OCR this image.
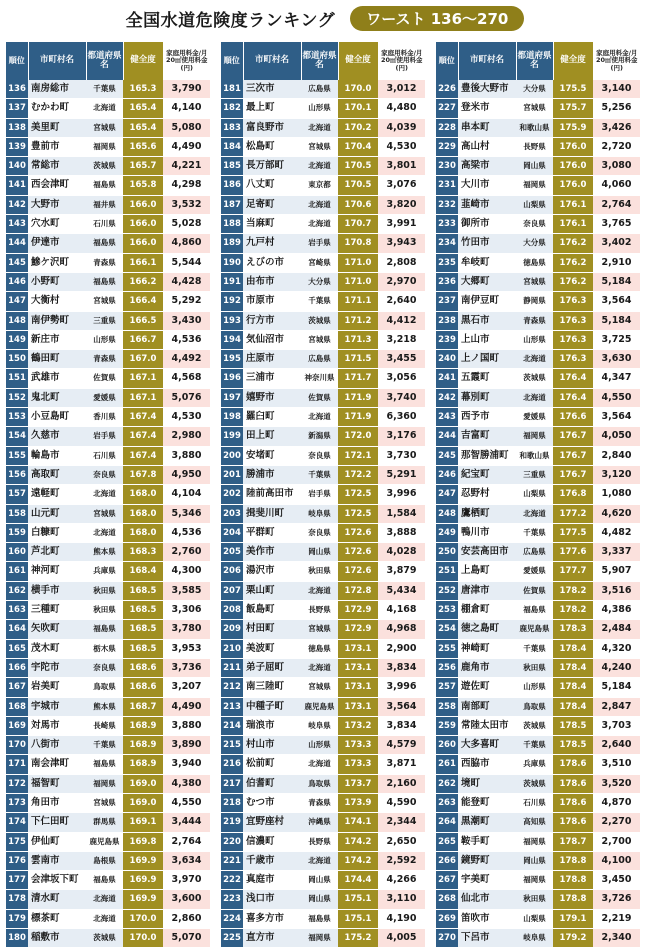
全国水道危険度ランキング ワースト 136～270
順位	市町村名	都道府県名	健全度	家庭用料金/月20㎥使用料金(円)
136	南房総市	千葉県	165.3	3,790
137	むかわ町	北海道	165.4	4,140
138	美里町	宮城県	165.4	5,080
139	豊前市	福岡県	165.6	4,490
140	常総市	茨城県	165.7	4,221
141	西会津町	福島県	165.8	4,298
142	大野市	福井県	166.0	3,532
143	穴水町	石川県	166.0	5,028
144	伊達市	福島県	166.0	4,860
145	鰺ケ沢町	青森県	166.1	5,544
146	小野町	福島県	166.2	4,428
147	大衡村	宮城県	166.4	5,292
148	南伊勢町	三重県	166.5	3,430
149	新庄市	山形県	166.7	4,536
150	鶴田町	青森県	167.0	4,492
151	武雄市	佐賀県	167.1	4,568
152	鬼北町	愛媛県	167.1	5,076
153	小豆島町	香川県	167.4	4,530
154	久慈市	岩手県	167.4	2,980
155	輪島市	石川県	167.4	3,880
156	高取町	奈良県	167.8	4,950
157	遠軽町	北海道	168.0	4,104
158	山元町	宮城県	168.0	5,346
159	白糠町	北海道	168.0	4,536
160	芦北町	熊本県	168.3	2,760
161	神河町	兵庫県	168.4	4,300
162	横手市	秋田県	168.5	3,585
163	三種町	秋田県	168.5	3,306
164	矢吹町	福島県	168.5	3,780
165	茂木町	栃木県	168.5	3,953
166	宇陀市	奈良県	168.6	3,736
167	岩美町	鳥取県	168.6	3,207
168	宇城市	熊本県	168.7	4,490
169	対馬市	長崎県	168.9	3,880
170	八街市	千葉県	168.9	3,890
171	南会津町	福島県	168.9	3,940
172	福智町	福岡県	169.0	4,380
173	角田市	宮城県	169.0	4,550
174	下仁田町	群馬県	169.1	3,444
175	伊仙町	鹿児島県	169.8	2,764
176	雲南市	島根県	169.9	3,634
177	会津坂下町	福島県	169.9	3,970
178	清水町	北海道	169.9	3,600
179	標茶町	北海道	170.0	2,860
180	稲敷市	茨城県	170.0	5,070
順位	市町村名	都道府県名	健全度	家庭用料金/月20㎥使用料金(円)
181	三次市	広島県	170.0	3,012
182	最上町	山形県	170.1	4,480
183	富良野市	北海道	170.2	4,039
184	松島町	宮城県	170.4	4,530
185	長万部町	北海道	170.5	3,801
186	八丈町	東京都	170.5	3,076
187	足寄町	北海道	170.6	3,820
188	当麻町	北海道	170.7	3,991
189	九戸村	岩手県	170.8	3,943
190	えびの市	宮崎県	171.0	2,808
191	由布市	大分県	171.0	2,970
192	市原市	千葉県	171.1	2,640
193	行方市	茨城県	171.2	4,412
194	気仙沼市	宮城県	171.3	3,218
195	庄原市	広島県	171.5	3,455
196	三浦市	神奈川県	171.7	3,056
197	嬉野市	佐賀県	171.9	3,740
198	羅臼町	北海道	171.9	6,360
199	田上町	新潟県	172.0	3,176
200	安堵町	奈良県	172.1	3,730
201	勝浦市	千葉県	172.2	5,291
202	陸前高田市	岩手県	172.5	3,996
203	揖斐川町	岐阜県	172.5	1,584
204	平群町	奈良県	172.6	3,888
205	美作市	岡山県	172.6	4,028
206	湯沢市	秋田県	172.6	3,879
207	栗山町	北海道	172.8	5,434
208	飯島町	長野県	172.9	4,168
209	村田町	宮城県	172.9	4,968
210	美波町	徳島県	173.1	2,900
211	弟子屈町	北海道	173.1	3,834
212	南三陸町	宮城県	173.1	3,996
213	中種子町	鹿児島県	173.1	3,564
214	瑞浪市	岐阜県	173.2	3,834
215	村山市	山形県	173.3	4,579
216	松前町	北海道	173.3	3,871
217	伯耆町	鳥取県	173.7	2,160
218	むつ市	青森県	173.9	4,590
219	宜野座村	沖縄県	174.1	2,344
220	信濃町	長野県	174.2	2,650
221	千歳市	北海道	174.2	2,592
222	真庭市	岡山県	174.4	4,266
223	浅口市	岡山県	175.1	3,110
224	喜多方市	福島県	175.1	4,190
225	直方市	福岡県	175.2	4,005
順位	市町村名	都道府県名	健全度	家庭用料金/月20㎥使用料金(円)
226	豊後大野市	大分県	175.5	3,140
227	登米市	宮城県	175.7	5,256
228	串本町	和歌山県	175.9	3,426
229	高山村	長野県	176.0	2,720
230	高梁市	岡山県	176.0	3,080
231	大川市	福岡県	176.0	4,060
232	韮崎市	山梨県	176.1	2,764
233	御所市	奈良県	176.1	3,765
234	竹田市	大分県	176.2	3,402
235	牟岐町	徳島県	176.2	2,910
236	大郷町	宮城県	176.2	5,184
237	南伊豆町	静岡県	176.3	3,564
238	黒石市	青森県	176.3	5,184
239	上山市	山形県	176.3	3,725
240	上ノ国町	北海道	176.3	3,630
241	五霞町	茨城県	176.4	4,347
242	幕別町	北海道	176.4	4,550
243	西予市	愛媛県	176.6	3,564
244	吉富町	福岡県	176.7	4,050
245	那智勝浦町	和歌山県	176.7	2,840
246	紀宝町	三重県	176.7	3,120
247	忍野村	山梨県	176.8	1,080
248	鷹栖町	北海道	177.2	4,620
249	鴨川市	千葉県	177.5	4,482
250	安芸高田市	広島県	177.6	3,337
251	上島町	愛媛県	177.7	5,907
252	唐津市	佐賀県	178.2	3,516
253	棚倉町	福島県	178.2	4,386
254	徳之島町	鹿児島県	178.3	2,484
255	神崎町	千葉県	178.4	4,320
256	鹿角市	秋田県	178.4	4,240
257	遊佐町	山形県	178.4	5,184
258	南部町	鳥取県	178.4	2,847
259	常陸太田市	茨城県	178.5	3,703
260	大多喜町	千葉県	178.5	2,640
261	西脇市	兵庫県	178.6	3,510
262	境町	茨城県	178.6	3,520
263	能登町	石川県	178.6	4,870
264	黒潮町	高知県	178.6	2,270
265	鞍手町	福岡県	178.7	2,700
266	鏡野町	岡山県	178.8	4,100
267	宇美町	福岡県	178.8	3,450
268	仙北市	秋田県	178.8	3,726
269	笛吹市	山梨県	179.1	2,219
270	下呂市	岐阜県	179.2	2,340
